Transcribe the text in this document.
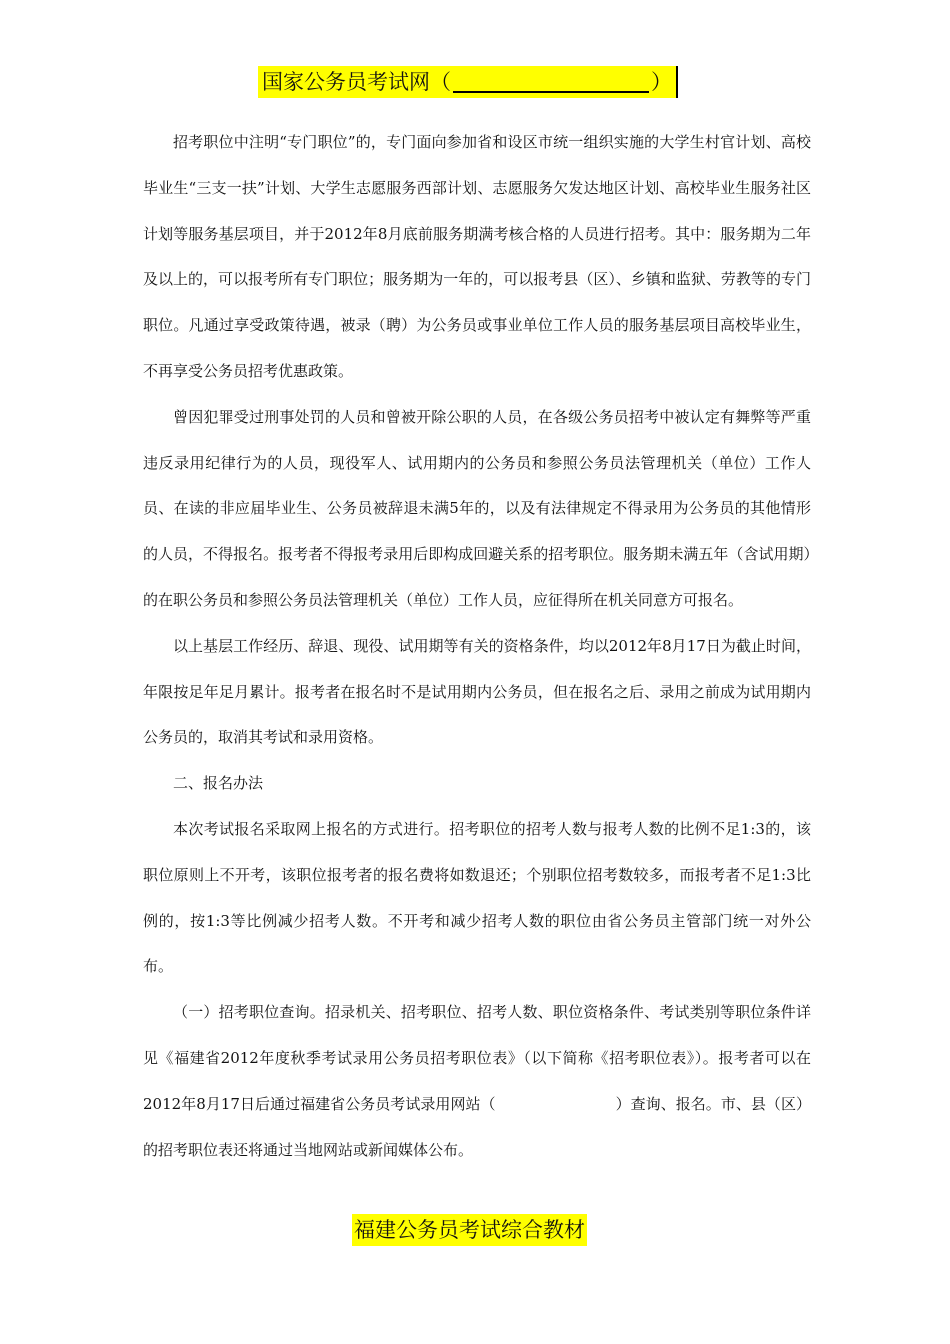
国家公务员考试网（	）

招考职位中注明“专门职位”的，专门面向参加省和设区市统一组织实施的大学生村官计划、高校毕业生“三支一扶”计划、大学生志愿服务西部计划、志愿服务欠发达地区计划、高校毕业生服务社区计划等服务基层项目，并于2012年8月底前服务期满考核合格的人员进行招考。其中：服务期为二年及以上的，可以报考所有专门职位；服务期为一年的，可以报考县（区）、乡镇和监狱、劳教等的专门职位。凡通过享受政策待遇，被录（聘）为公务员或事业单位工作人员的服务基层项目高校毕业生，不再享受公务员招考优惠政策。

曾因犯罪受过刑事处罚的人员和曾被开除公职的人员，在各级公务员招考中被认定有舞弊等严重违反录用纪律行为的人员，现役军人、试用期内的公务员和参照公务员法管理机关（单位）工作人员、在读的非应届毕业生、公务员被辞退未满5年的，以及有法律规定不得录用为公务员的其他情形的人员，不得报名。报考者不得报考录用后即构成回避关系的招考职位。服务期未满五年（含试用期）的在职公务员和参照公务员法管理机关（单位）工作人员，应征得所在机关同意方可报名。

以上基层工作经历、辞退、现役、试用期等有关的资格条件，均以2012年8月17日为截止时间，年限按足年足月累计。报考者在报名时不是试用期内公务员，但在报名之后、录用之前成为试用期内公务员的，取消其考试和录用资格。

二、报名办法

本次考试报名采取网上报名的方式进行。招考职位的招考人数与报考人数的比例不足1:3的，该职位原则上不开考，该职位报考者的报名费将如数退还；个别职位招考数较多，而报考者不足1:3比例的，按1:3等比例减少招考人数。不开考和减少招考人数的职位由省公务员主管部门统一对外公布。

（一）招考职位查询。招录机关、招考职位、招考人数、职位资格条件、考试类别等职位条件详见《福建省2012年度秋季考试录用公务员招考职位表》（以下简称《招考职位表》）。报考者可以在2012年8月17日后通过福建省公务员考试录用网站（	）查询、报名。市、县（区）的招考职位表还将通过当地网站或新闻媒体公布。

福建公务员考试综合教材
